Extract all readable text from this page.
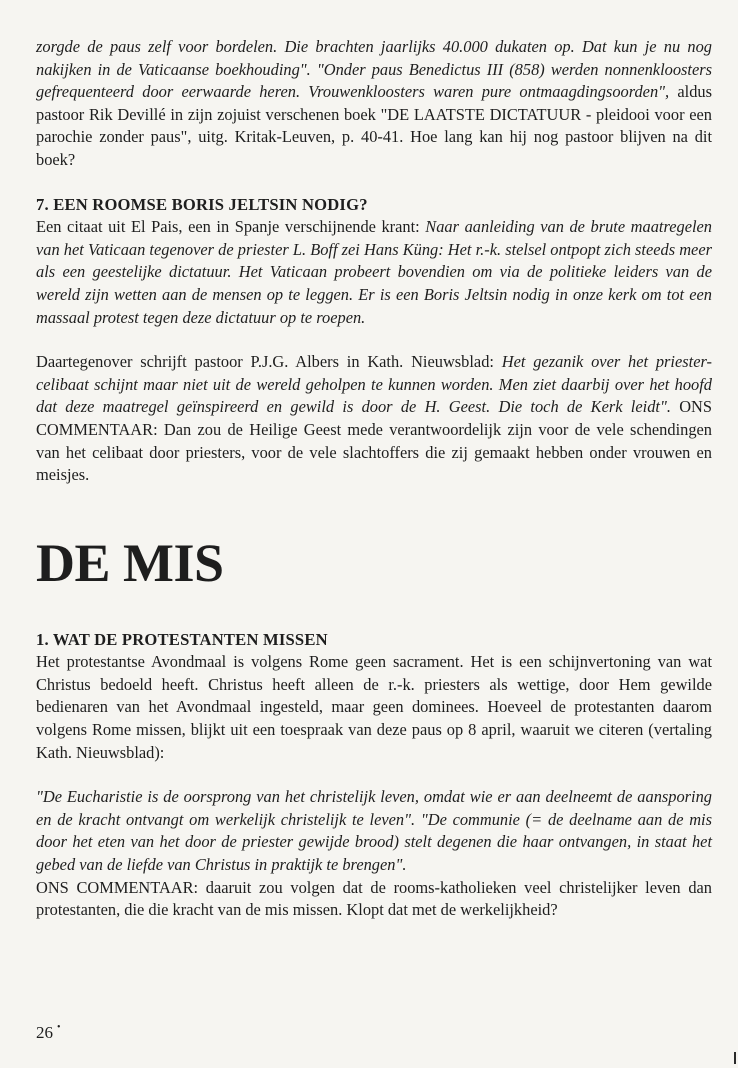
zorgde de paus zelf voor bordelen. Die brachten jaarlijks 40.000 dukaten op. Dat kun je nu nog nakijken in de Vaticaanse boekhouding". "Onder paus Benedictus III (858) werden nonnenkloosters gefrequenteerd door eerwaarde heren. Vrouwenkloosters waren pure ontmaagdingsoorden", aldus pastoor Rik Devillé in zijn zojuist verschenen boek "DE LAATSTE DICTATUUR - pleidooi voor een parochie zonder paus", uitg. Kritak-Leuven, p. 40-41. Hoe lang kan hij nog pastoor blijven na dit boek?

7. EEN ROOMSE BORIS JELTSIN NODIG?

Een citaat uit El Pais, een in Spanje verschijnende krant: Naar aanleiding van de brute maatregelen van het Vaticaan tegenover de priester L. Boff zei Hans Küng: Het r.-k. stelsel ontpopt zich steeds meer als een geestelijke dictatuur. Het Vaticaan probeert bovendien om via de politieke leiders van de wereld zijn wetten aan de mensen op te leggen. Er is een Boris Jeltsin nodig in onze kerk om tot een massaal protest tegen deze dictatuur op te roepen.

Daartegenover schrijft pastoor P.J.G. Albers in Kath. Nieuwsblad: Het gezanik over het priester-celibaat schijnt maar niet uit de wereld geholpen te kunnen worden. Men ziet daarbij over het hoofd dat deze maatregel geïnspireerd en gewild is door de H. Geest. Die toch de Kerk leidt". ONS COMMENTAAR: Dan zou de Heilige Geest mede verantwoordelijk zijn voor de vele schendingen van het celibaat door priesters, voor de vele slachtoffers die zij gemaakt hebben onder vrouwen en meisjes.

DE MIS

1. WAT DE PROTESTANTEN MISSEN

Het protestantse Avondmaal is volgens Rome geen sacrament. Het is een schijnvertoning van wat Christus bedoeld heeft. Christus heeft alleen de r.-k. priesters als wettige, door Hem gewilde bedienaren van het Avondmaal ingesteld, maar geen dominees. Hoeveel de protestanten daarom volgens Rome missen, blijkt uit een toespraak van deze paus op 8 april, waaruit we citeren (vertaling Kath. Nieuwsblad):

"De Eucharistie is de oorsprong van het christelijk leven, omdat wie er aan deelneemt de aansporing en de kracht ontvangt om werkelijk christelijk te leven". "De communie (= de deelname aan de mis door het eten van het door de priester gewijde brood) stelt degenen die haar ontvangen, in staat het gebed van de liefde van Christus in praktijk te brengen".

ONS COMMENTAAR: daaruit zou volgen dat de rooms-katholieken veel christelijker leven dan protestanten, die die kracht van de mis missen. Klopt dat met de werkelijkheid?

26 •
